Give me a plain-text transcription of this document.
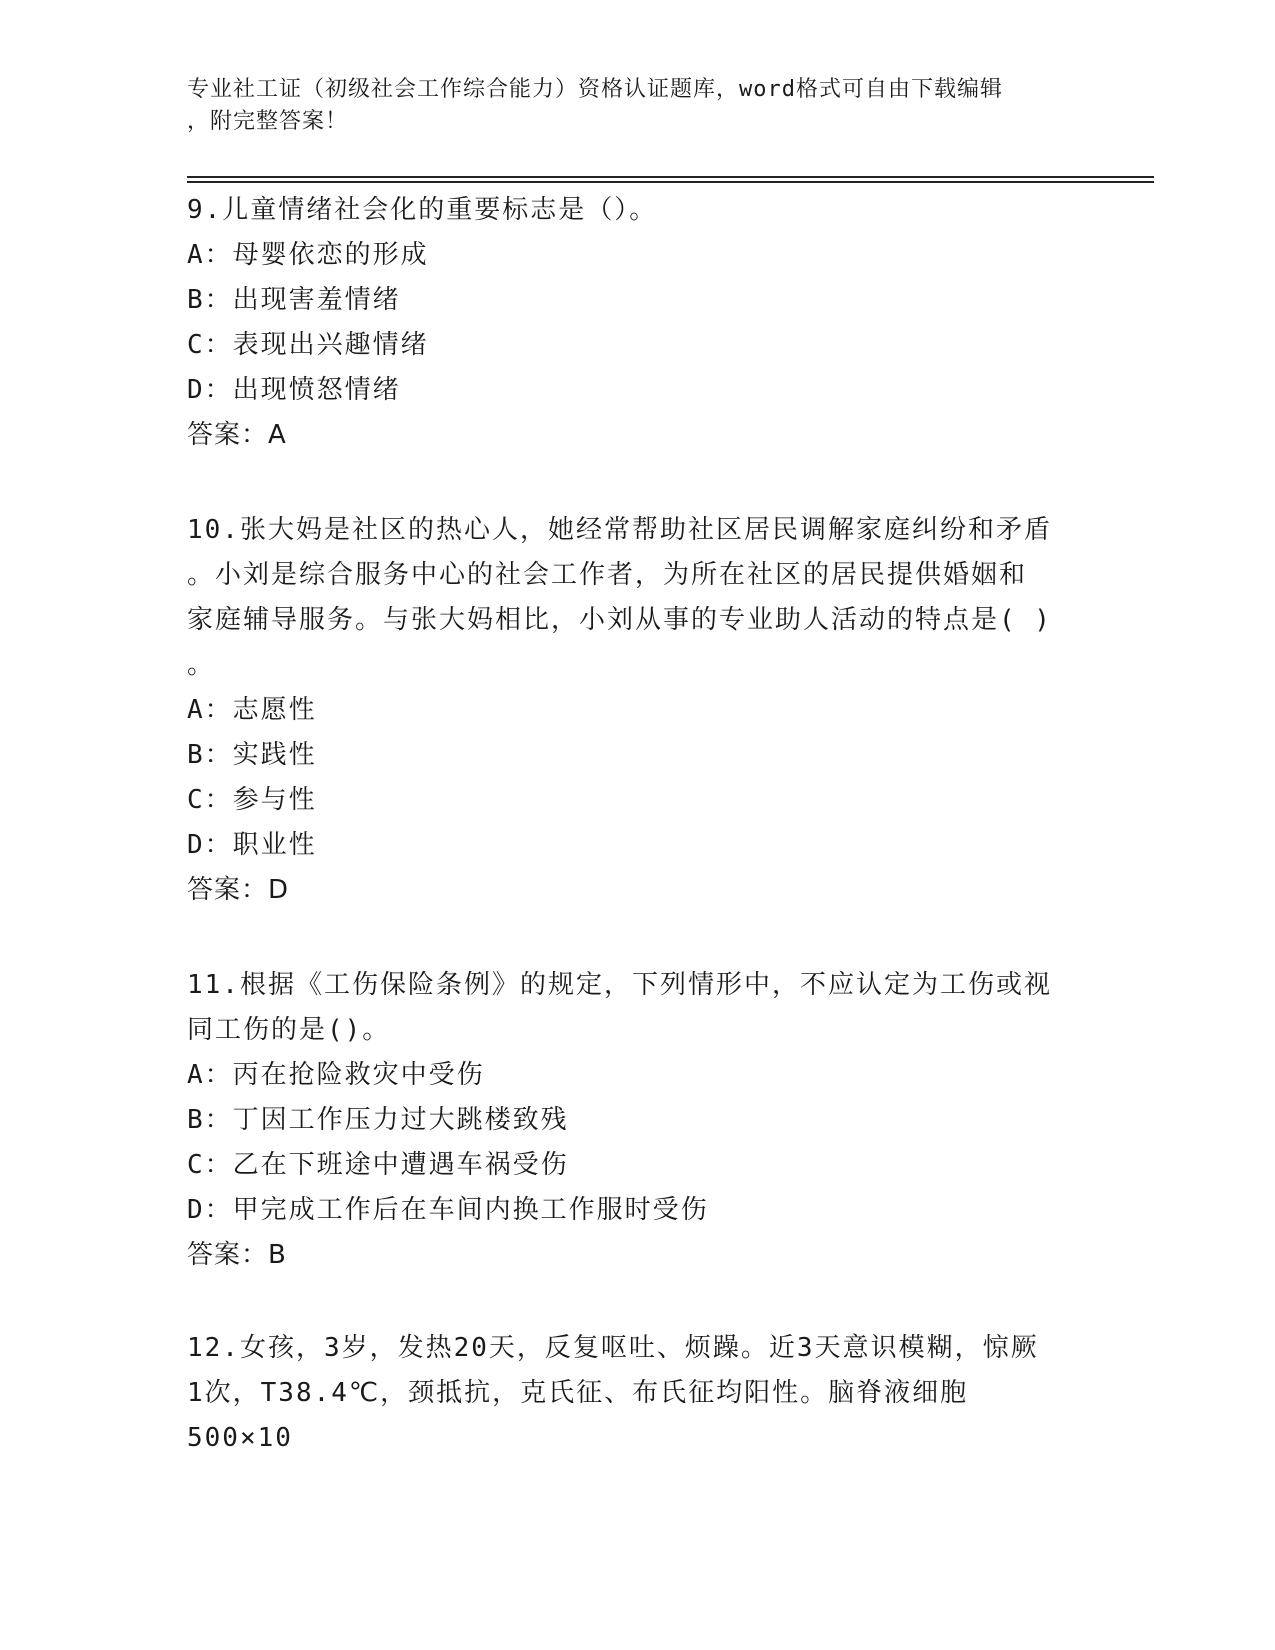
专业社工证（初级社会工作综合能力）资格认证题库，word格式可自由下载编辑
，附完整答案！
9.儿童情绪社会化的重要标志是（）。
A：母婴依恋的形成
B：出现害羞情绪
C：表现出兴趣情绪
D：出现愤怒情绪
答案：A
10.张大妈是社区的热心人，她经常帮助社区居民调解家庭纠纷和矛盾
。小刘是综合服务中心的社会工作者，为所在社区的居民提供婚姻和
家庭辅导服务。与张大妈相比，小刘从事的专业助人活动的特点是( )
。
A：志愿性
B：实践性
C：参与性
D：职业性
答案：D
11.根据《工伤保险条例》的规定，下列情形中，不应认定为工伤或视
同工伤的是()。
A：丙在抢险救灾中受伤
B：丁因工作压力过大跳楼致残
C：乙在下班途中遭遇车祸受伤
D：甲完成工作后在车间内换工作服时受伤
答案：B
12.女孩，3岁，发热20天，反复呕吐、烦躁。近3天意识模糊，惊厥
1次，T38.4℃，颈抵抗，克氏征、布氏征均阳性。脑脊液细胞
500×10
